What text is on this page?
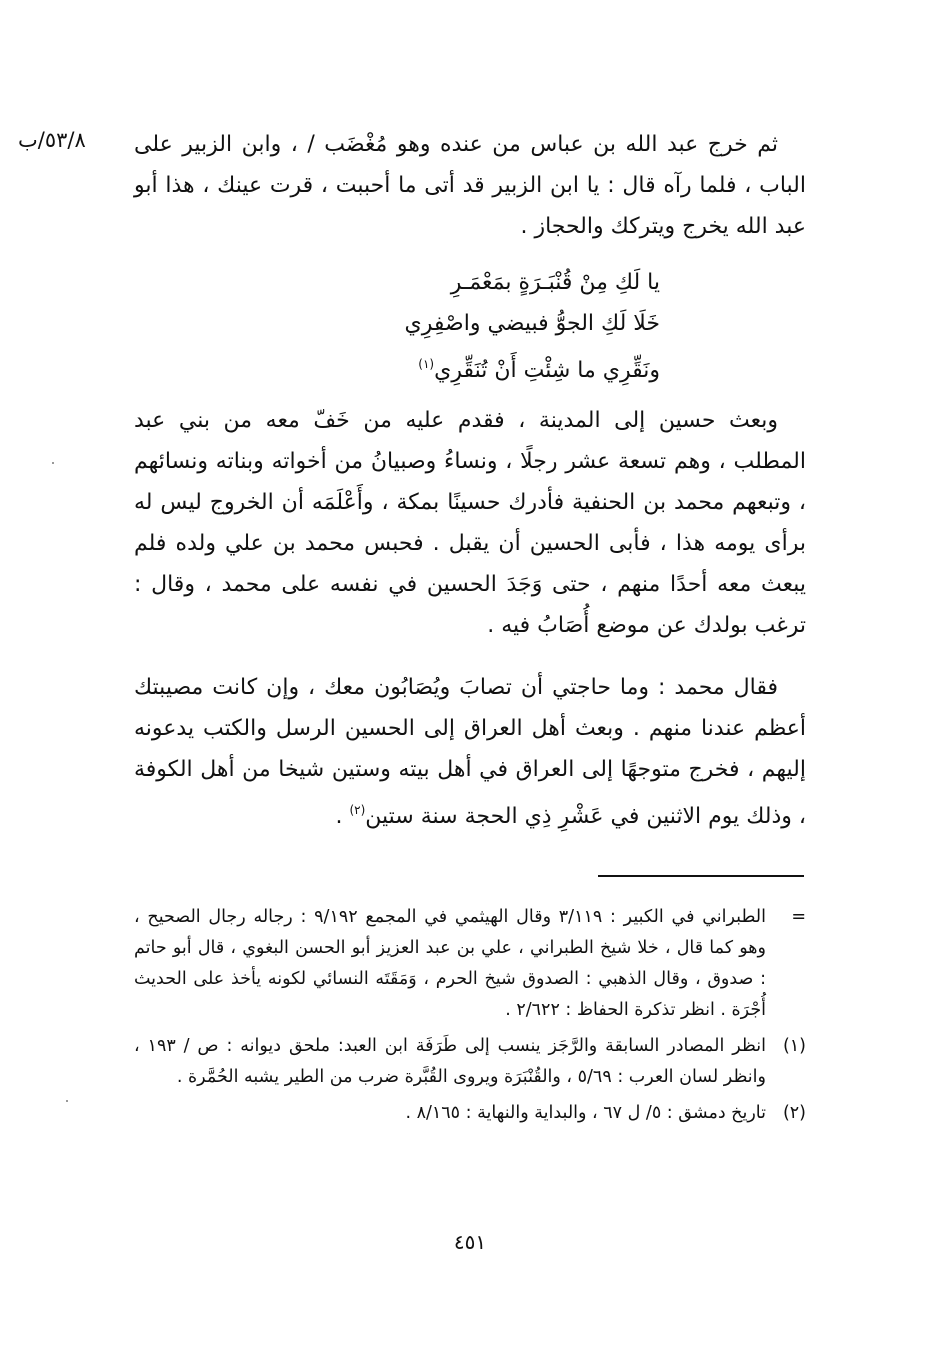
٥٣/٨/ب	ثم خرج عبد الله بن عباس من عنده وهو مُغْضَب / ، وابن الزبير على الباب ، فلما رآه قال : يا ابن الزبير قد أتى ما أحببت ، قرت عينك ، هذا أبو عبد الله يخرج ويتركك والحجاز .

يا لَكِ مِنْ قُنْبَـرَةٍ بمَعْمَـرِ

خَلَا لَكِ الجوُّ فبيضي واصْفِرِي

ونَقِّرِي ما شِئْتِ أَنْ تُنَقِّرِي$^{(١)}$

وبعث حسين إلى المدينة ، فقدم عليه من خَفّ معه من بني عبد المطلب ، وهم تسعة عشر رجلًا ، ونساءُ وصبيانُ من أخواته وبناته ونسائهم ، وتبعهم محمد بن الحنفية فأدرك حسينًا بمكة ، وأَعْلَمَه أن الخروج ليس له برأى يومه هذا ، فأبى الحسين أن يقبل . فحبس محمد بن علي ولده فلم يبعث معه أحدًا منهم ، حتى وَجَدَ الحسين في نفسه على محمد ، وقال : ترغب بولدك عن موضع أُصَابُ فيه .

فقال محمد : وما حاجتي أن تصابَ ويُصَابُون معك ، وإن كانت مصيبتك أعظم عندنا منهم . وبعث أهل العراق إلى الحسين الرسل والكتب يدعونه إليهم ، فخرج متوجهًا إلى العراق في أهل بيته وستين شيخا من أهل الكوفة ، وذلك يوم الاثنين في عَشْرِ ذِي الحجة سنة ستين$^{(٢)}$ .

=
الطبراني في الكبير : ٣/١١٩ وقال الهيثمي في المجمع ٩/١٩٢ : رجاله رجال الصحيح ، وهو كما قال ، خلا شيخ الطبراني ، علي بن عبد العزيز أبو الحسن البغوي ، قال أبو حاتم : صدوق ، وقال الذهبي : الصدوق شيخ الحرم ، وَمَقَتَه النسائي لكونه يأخذ على الحديث أُجْرَة . انظر تذكرة الحفاظ : ٢/٦٢٢ .
(١)
انظر المصادر السابقة والرَّجَز ينسب إلى طَرَفَة ابن العبد: ملحق ديوانه : ص / ١٩٣ ، وانظر لسان العرب : ٥/٦٩ ، والقُنْبَرَة ويروى القُبَّرة ضرب من الطير يشبه الحُمَّرة .
(٢)
تاريخ دمشق : ٥/ ل ٦٧ ، والبداية والنهاية : ٨/١٦٥ .
٤٥١
